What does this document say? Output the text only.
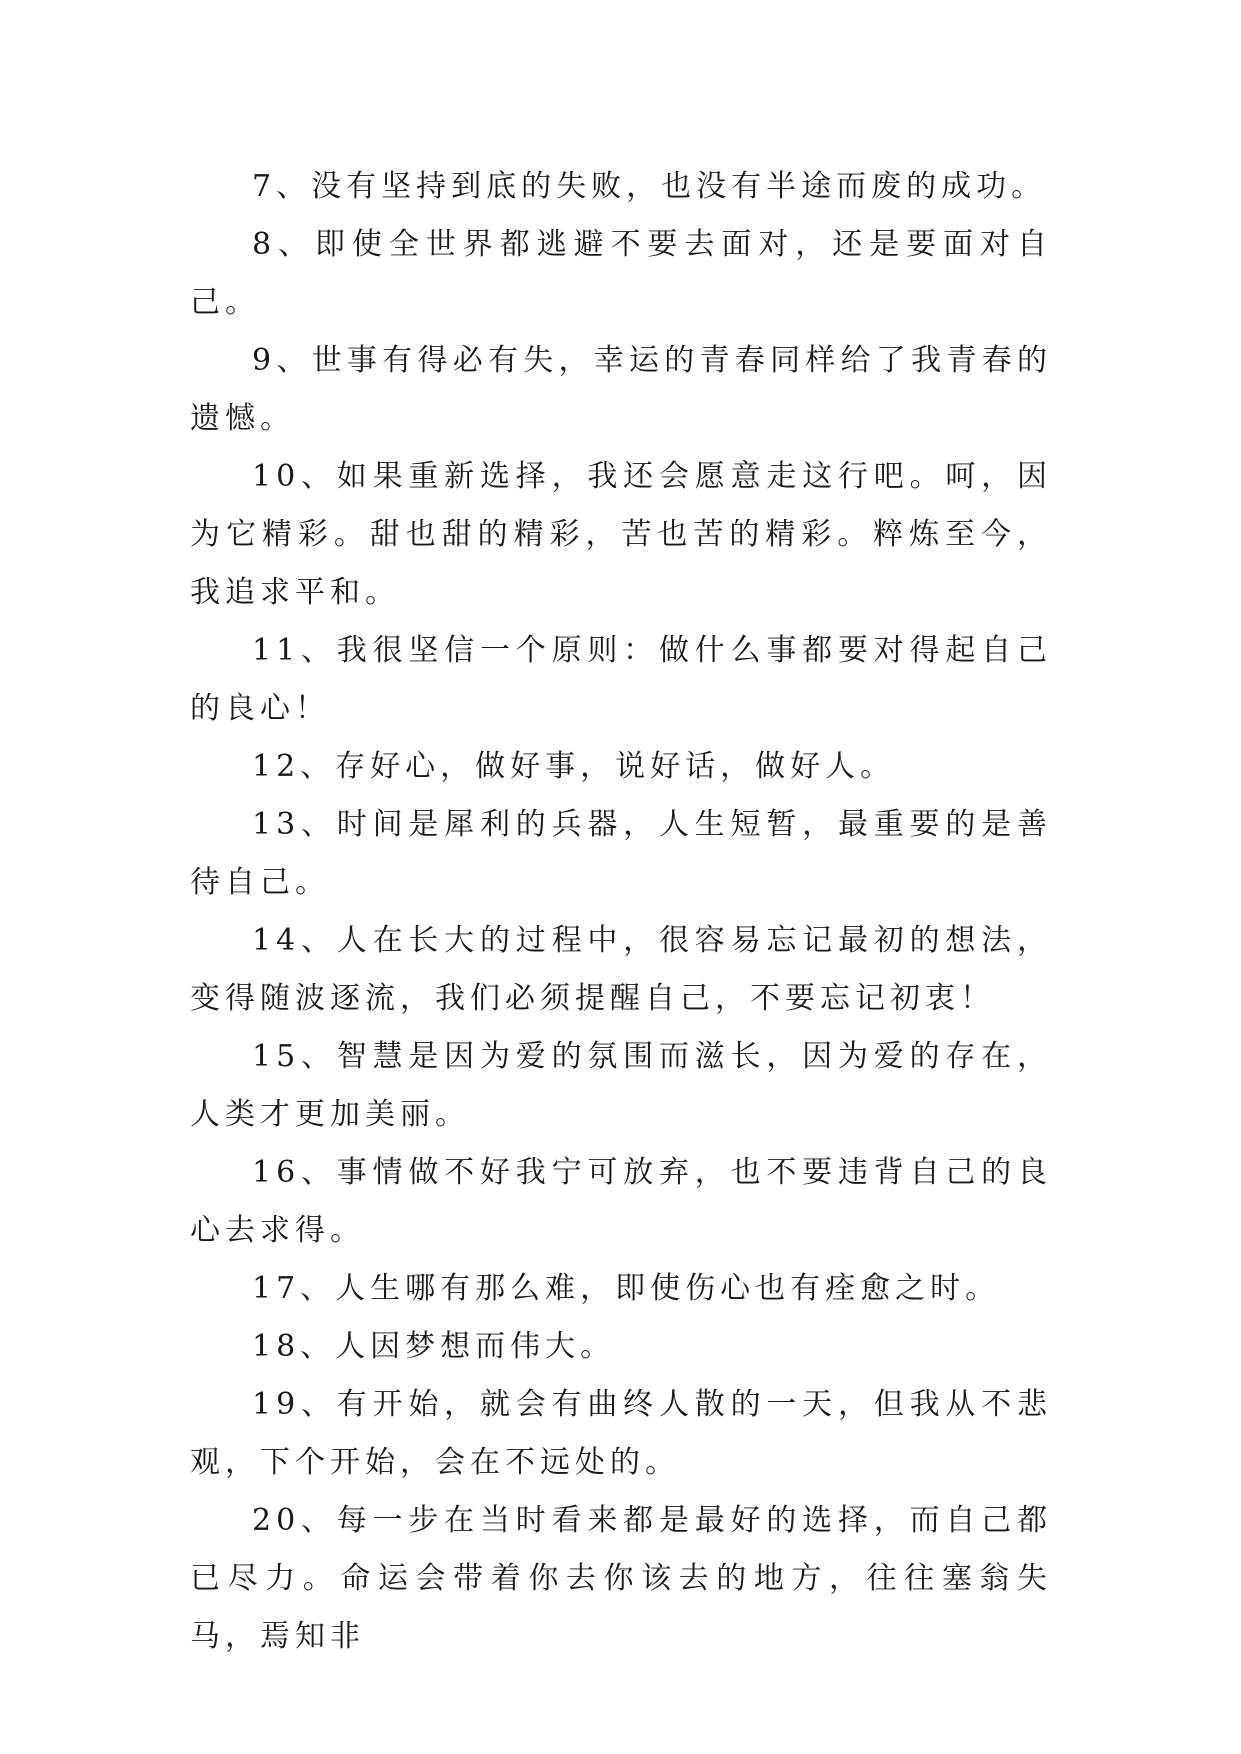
7、没有坚持到底的失败，也没有半途而废的成功。

8、即使全世界都逃避不要去面对，还是要面对自己。

9、世事有得必有失，幸运的青春同样给了我青春的遗憾。

10、如果重新选择，我还会愿意走这行吧。呵，因为它精彩。甜也甜的精彩，苦也苦的精彩。粹炼至今，我追求平和。

11、我很坚信一个原则：做什么事都要对得起自己的良心！

12、存好心，做好事，说好话，做好人。

13、时间是犀利的兵器，人生短暂，最重要的是善待自己。

14、人在长大的过程中，很容易忘记最初的想法，变得随波逐流，我们必须提醒自己，不要忘记初衷！

15、智慧是因为爱的氛围而滋长，因为爱的存在，人类才更加美丽。

16、事情做不好我宁可放弃，也不要违背自己的良心去求得。

17、人生哪有那么难，即使伤心也有痊愈之时。

18、人因梦想而伟大。

19、有开始，就会有曲终人散的一天，但我从不悲观，下个开始，会在不远处的。

20、每一步在当时看来都是最好的选择，而自己都已尽力。命运会带着你去你该去的地方，往往塞翁失马，焉知非
